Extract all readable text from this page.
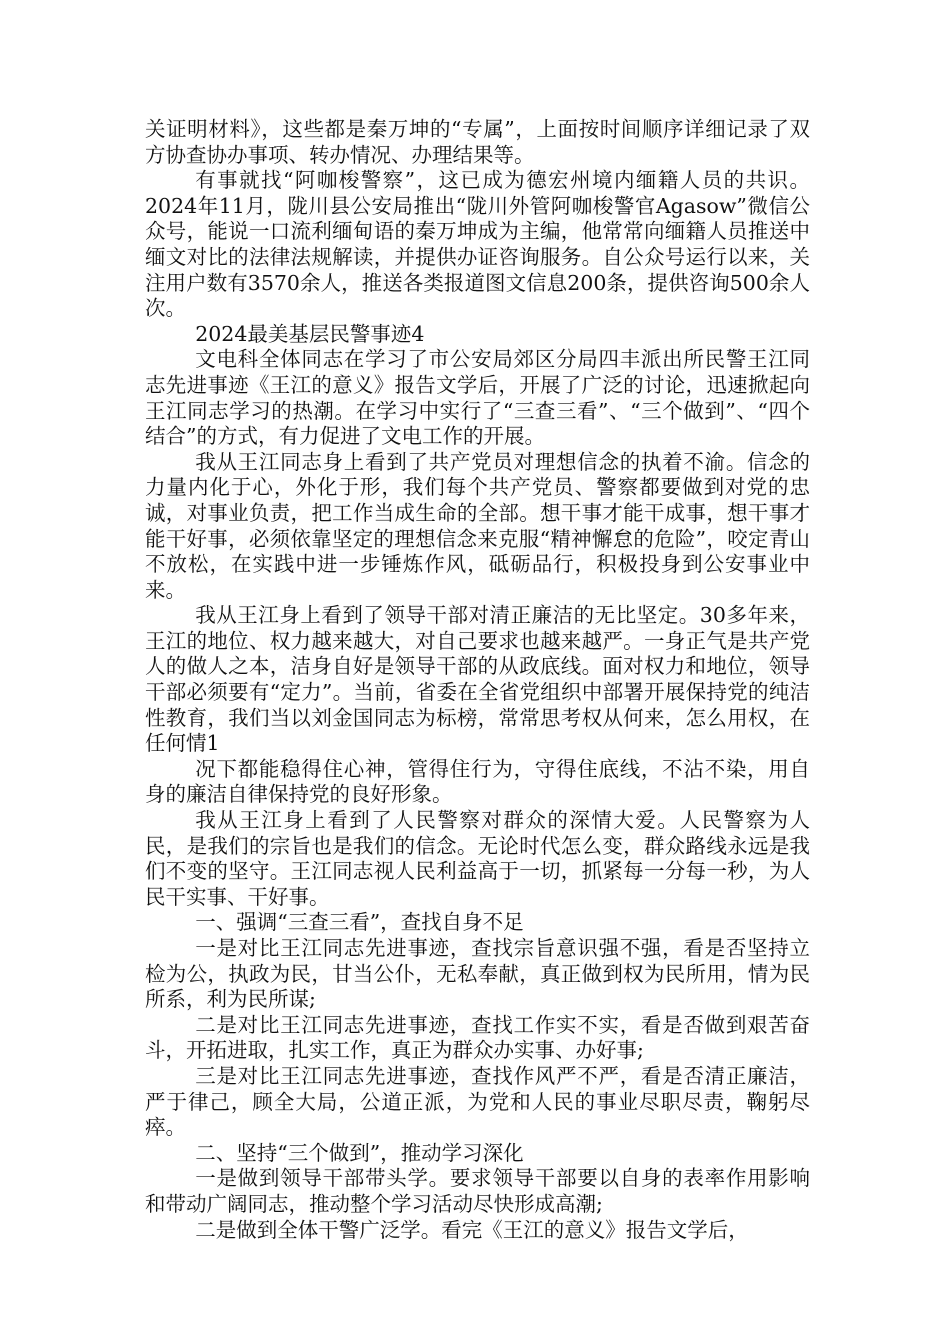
关证明材料》，这些都是秦万坤的“专属”，上面按时间顺序详细记录了双方协查协办事项、转办情况、办理结果等。

有事就找“阿咖梭警察”，这已成为德宏州境内缅籍人员的共识。2024年11月，陇川县公安局推出“陇川外管阿咖梭警官Agasow”微信公众号，能说一口流利缅甸语的秦万坤成为主编，他常常向缅籍人员推送中缅文对比的法律法规解读，并提供办证咨询服务。自公众号运行以来，关注用户数有3570余人，推送各类报道图文信息200条，提供咨询500余人次。

2024最美基层民警事迹4

文电科全体同志在学习了市公安局郊区分局四丰派出所民警王江同志先进事迹《王江的意义》报告文学后，开展了广泛的讨论，迅速掀起向王江同志学习的热潮。在学习中实行了“三查三看”、“三个做到”、“四个结合”的方式，有力促进了文电工作的开展。

我从王江同志身上看到了共产党员对理想信念的执着不渝。信念的力量内化于心，外化于形，我们每个共产党员、警察都要做到对党的忠诚，对事业负责，把工作当成生命的全部。想干事才能干成事，想干事才能干好事，必须依靠坚定的理想信念来克服“精神懈怠的危险”，咬定青山不放松，在实践中进一步锤炼作风，砥砺品行，积极投身到公安事业中来。

我从王江身上看到了领导干部对清正廉洁的无比坚定。30多年来，王江的地位、权力越来越大，对自己要求也越来越严。一身正气是共产党人的做人之本，洁身自好是领导干部的从政底线。面对权力和地位，领导干部必须要有“定力”。当前，省委在全省党组织中部署开展保持党的纯洁性教育，我们当以刘金国同志为标榜，常常思考权从何来，怎么用权，在任何情1

况下都能稳得住心神，管得住行为，守得住底线，不沾不染，用自身的廉洁自律保持党的良好形象。

我从王江身上看到了人民警察对群众的深情大爱。人民警察为人民，是我们的宗旨也是我们的信念。无论时代怎么变，群众路线永远是我们不变的坚守。王江同志视人民利益高于一切，抓紧每一分每一秒，为人民干实事、干好事。

一、强调“三查三看”，查找自身不足

一是对比王江同志先进事迹，查找宗旨意识强不强，看是否坚持立检为公，执政为民，甘当公仆，无私奉献，真正做到权为民所用，情为民所系，利为民所谋;

二是对比王江同志先进事迹，查找工作实不实，看是否做到艰苦奋斗，开拓进取，扎实工作，真正为群众办实事、办好事;

三是对比王江同志先进事迹，查找作风严不严，看是否清正廉洁，严于律己，顾全大局，公道正派，为党和人民的事业尽职尽责，鞠躬尽瘁。

二、坚持“三个做到”，推动学习深化

一是做到领导干部带头学。要求领导干部要以自身的表率作用影响和带动广阔同志，推动整个学习活动尽快形成高潮;

二是做到全体干警广泛学。看完《王江的意义》报告文学后，
